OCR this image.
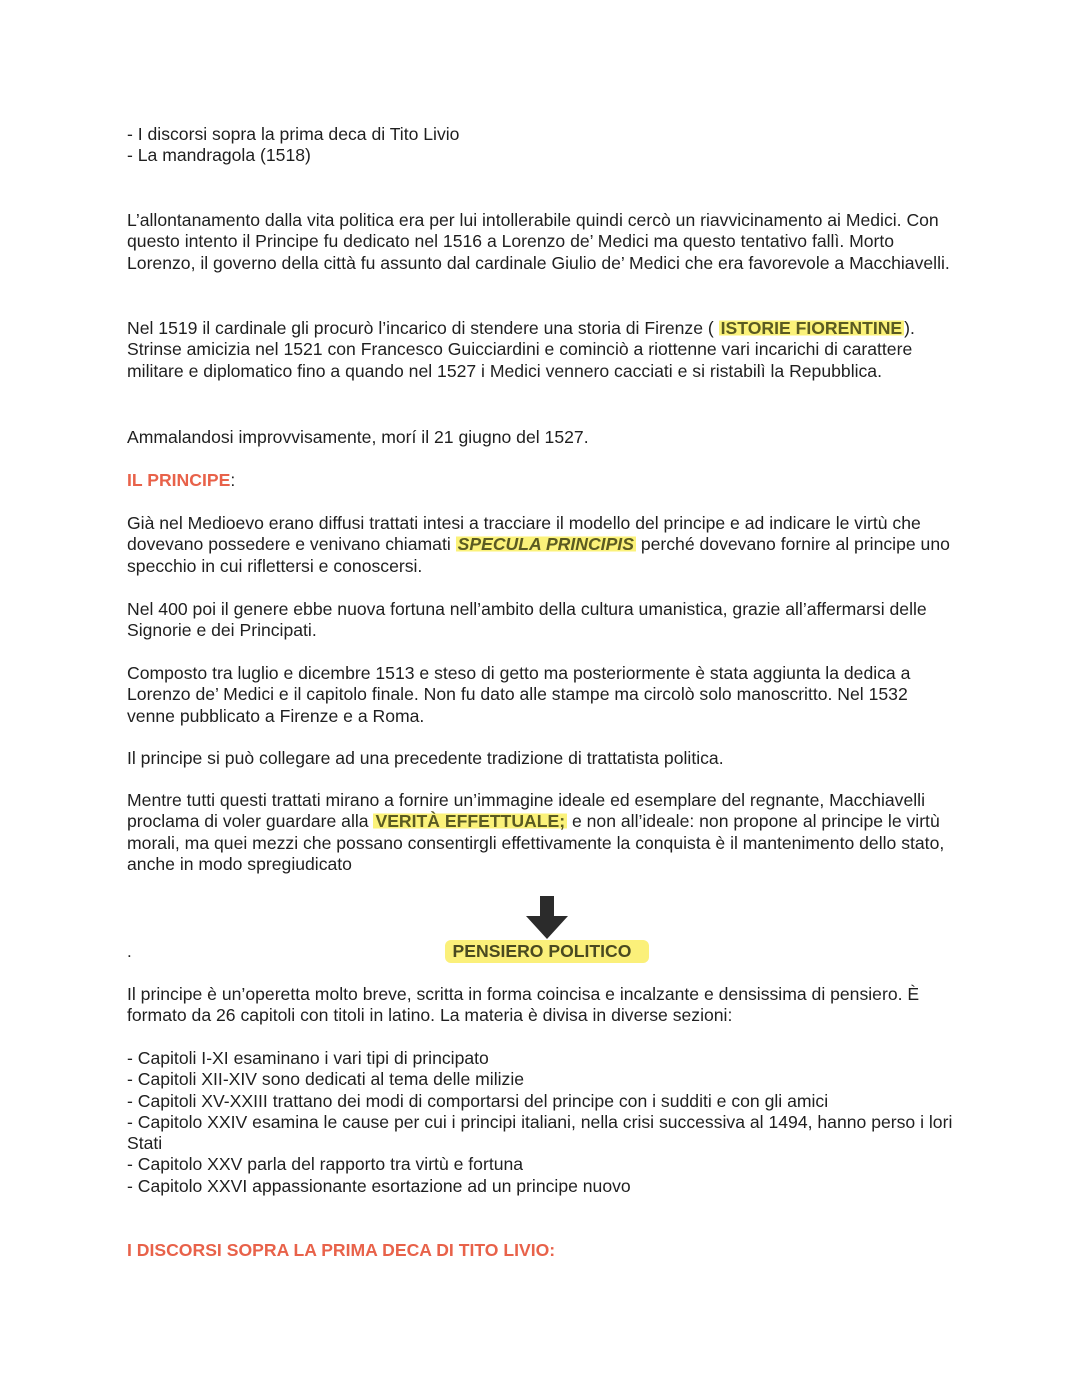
- I discorsi sopra la prima deca di Tito Livio

- La mandragola (1518)

L’allontanamento dalla vita politica era per lui intollerabile quindi cercò un riavvicinamento ai Medici. Con questo intento il Principe fu dedicato nel 1516 a Lorenzo de’ Medici ma questo tentativo fallì. Morto Lorenzo, il governo della città fu assunto dal cardinale Giulio de’ Medici che era favorevole a Macchiavelli.

Nel 1519 il cardinale gli procurò l’incarico di stendere una storia di Firenze ( ISTORIE FIORENTINE ). Strinse amicizia nel 1521 con Francesco Guicciardini e cominciò a riottenne vari incarichi di carattere militare e diplomatico fino a quando nel 1527 i Medici vennero cacciati e si ristabilì la Repubblica.

Ammalandosi improvvisamente, morí il 21 giugno del 1527.

IL PRINCIPE:

Già nel Medioevo erano diffusi trattati intesi a tracciare il modello del principe e ad indicare le virtù che dovevano possedere e venivano chiamati SPECULA PRINCIPIS perché dovevano fornire al principe uno specchio in cui riflettersi e conoscersi.

Nel 400 poi il genere ebbe nuova fortuna nell’ambito della cultura umanistica, grazie all’affermarsi delle Signorie e dei Principati.

Composto tra luglio e dicembre 1513 e steso di getto ma posteriormente è stata aggiunta la dedica a Lorenzo de’ Medici e il capitolo finale. Non fu dato alle stampe ma circolò solo manoscritto. Nel 1532 venne pubblicato a Firenze e a Roma.

Il principe si può collegare ad una precedente tradizione di trattatista politica.

Mentre tutti questi trattati mirano a fornire un’immagine ideale ed esemplare del regnante, Macchiavelli proclama di voler guardare alla VERITÀ EFFETTUALE; e non all’ideale: non propone al principe le virtù morali, ma quei mezzi che possano consentirgli effettivamente la conquista è il mantenimento dello stato, anche in modo spregiudicato

.	PENSIERO POLITICO

Il principe è un’operetta molto breve, scritta in forma coincisa e incalzante e densissima di pensiero. È formato da 26 capitoli con titoli in latino. La materia è divisa in diverse sezioni:

- Capitoli I-XI esaminano i vari tipi di principato

- Capitoli XII-XIV sono dedicati al tema delle milizie

- Capitoli XV-XXIII trattano dei modi di comportarsi del principe con i sudditi e con gli amici

- Capitolo XXIV esamina le cause per cui i principi italiani, nella crisi successiva al 1494, hanno perso i lori Stati

- Capitolo XXV parla del rapporto tra virtù e fortuna

- Capitolo XXVI appassionante esortazione ad un principe nuovo

I DISCORSI SOPRA LA PRIMA DECA DI TITO LIVIO:
